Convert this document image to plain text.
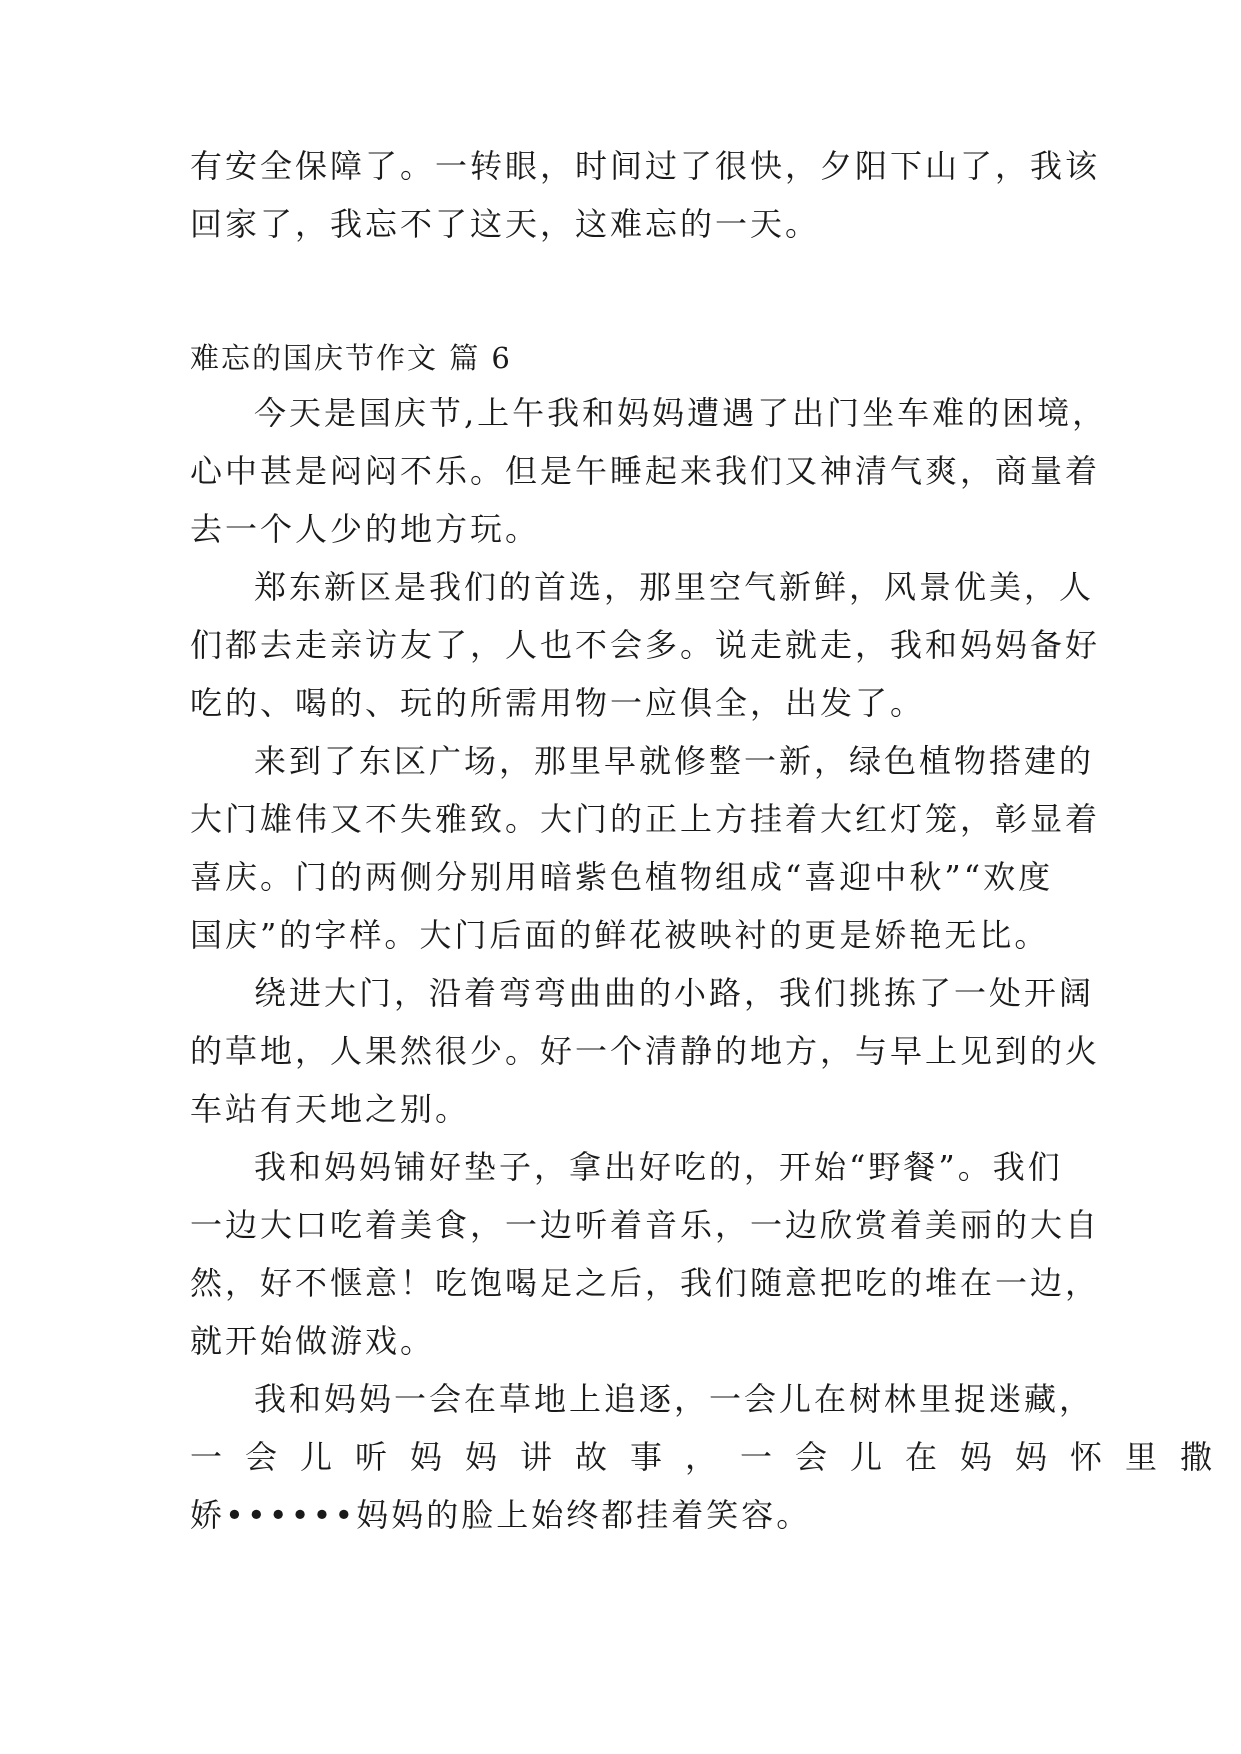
有安全保障了。一转眼，时间过了很快，夕阳下山了，我该
回家了，我忘不了这天，这难忘的一天。
难忘的国庆节作文 篇 6
今天是国庆节,上午我和妈妈遭遇了出门坐车难的困境，
心中甚是闷闷不乐。但是午睡起来我们又神清气爽，商量着
去一个人少的地方玩。
郑东新区是我们的首选，那里空气新鲜，风景优美，人
们都去走亲访友了，人也不会多。说走就走，我和妈妈备好
吃的、喝的、玩的所需用物一应俱全，出发了。
来到了东区广场，那里早就修整一新，绿色植物搭建的
大门雄伟又不失雅致。大门的正上方挂着大红灯笼，彰显着
喜庆。门的两侧分别用暗紫色植物组成“喜迎中秋”“欢度
国庆”的字样。大门后面的鲜花被映衬的更是娇艳无比。
绕进大门，沿着弯弯曲曲的小路，我们挑拣了一处开阔
的草地，人果然很少。好一个清静的地方，与早上见到的火
车站有天地之别。
我和妈妈铺好垫子，拿出好吃的，开始“野餐”。我们
一边大口吃着美食，一边听着音乐，一边欣赏着美丽的大自
然，好不惬意！吃饱喝足之后，我们随意把吃的堆在一边，
就开始做游戏。
我和妈妈一会在草地上追逐，一会儿在树林里捉迷藏，
一会儿听妈妈讲故事，一会儿在妈妈怀里撒
娇••••••妈妈的脸上始终都挂着笑容。
